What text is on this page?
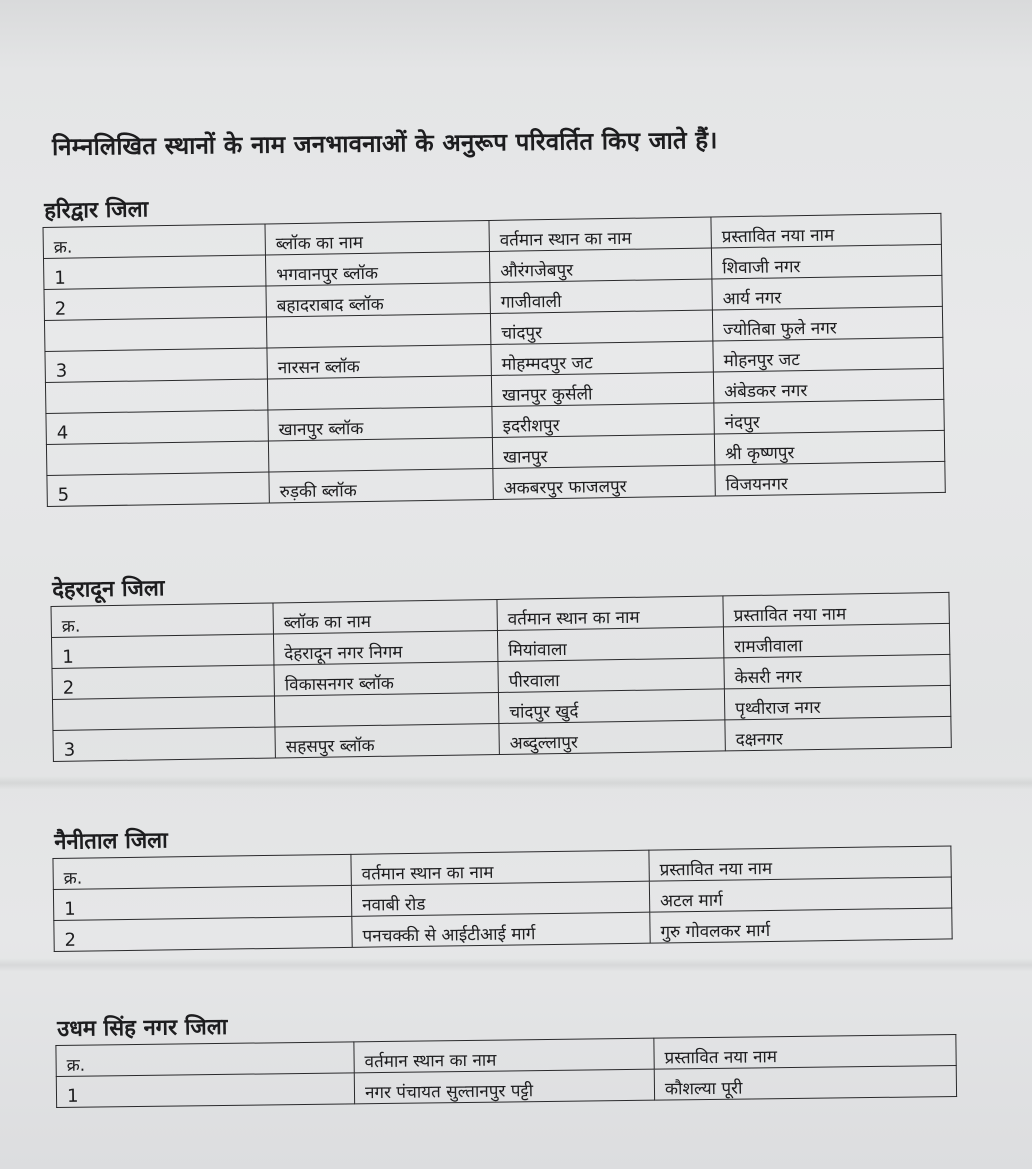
निम्नलिखित स्थानों के नाम जनभावनाओं के अनुरूप परिवर्तित किए जाते हैं।
हरिद्वार जिला
क्र.	ब्लॉक का नाम	वर्तमान स्थान का नाम	प्रस्तावित नया नाम
1	भगवानपुर ब्लॉक	औरंगजेबपुर	शिवाजी नगर
2	बहादराबाद ब्लॉक	गाजीवाली	आर्य नगर
		चांदपुर	ज्योतिबा फुले नगर
3	नारसन ब्लॉक	मोहम्मदपुर जट	मोहनपुर जट
		खानपुर कुर्सली	अंबेडकर नगर
4	खानपुर ब्लॉक	इदरीशपुर	नंदपुर
		खानपुर	श्री कृष्णपुर
5	रुड़की ब्लॉक	अकबरपुर फाजलपुर	विजयनगर
देहरादून जिला
क्र.	ब्लॉक का नाम	वर्तमान स्थान का नाम	प्रस्तावित नया नाम
1	देहरादून नगर निगम	मियांवाला	रामजीवाला
2	विकासनगर ब्लॉक	पीरवाला	केसरी नगर
		चांदपुर खुर्द	पृथ्वीराज नगर
3	सहसपुर ब्लॉक	अब्दुल्लापुर	दक्षनगर
नैनीताल जिला
क्र.	वर्तमान स्थान का नाम	प्रस्तावित नया नाम
1	नवाबी रोड	अटल मार्ग
2	पनचक्की से आईटीआई मार्ग	गुरु गोवलकर मार्ग
उधम सिंह नगर जिला
क्र.	वर्तमान स्थान का नाम	प्रस्तावित नया नाम
1	नगर पंचायत सुल्तानपुर पट्टी	कौशल्या पूरी
